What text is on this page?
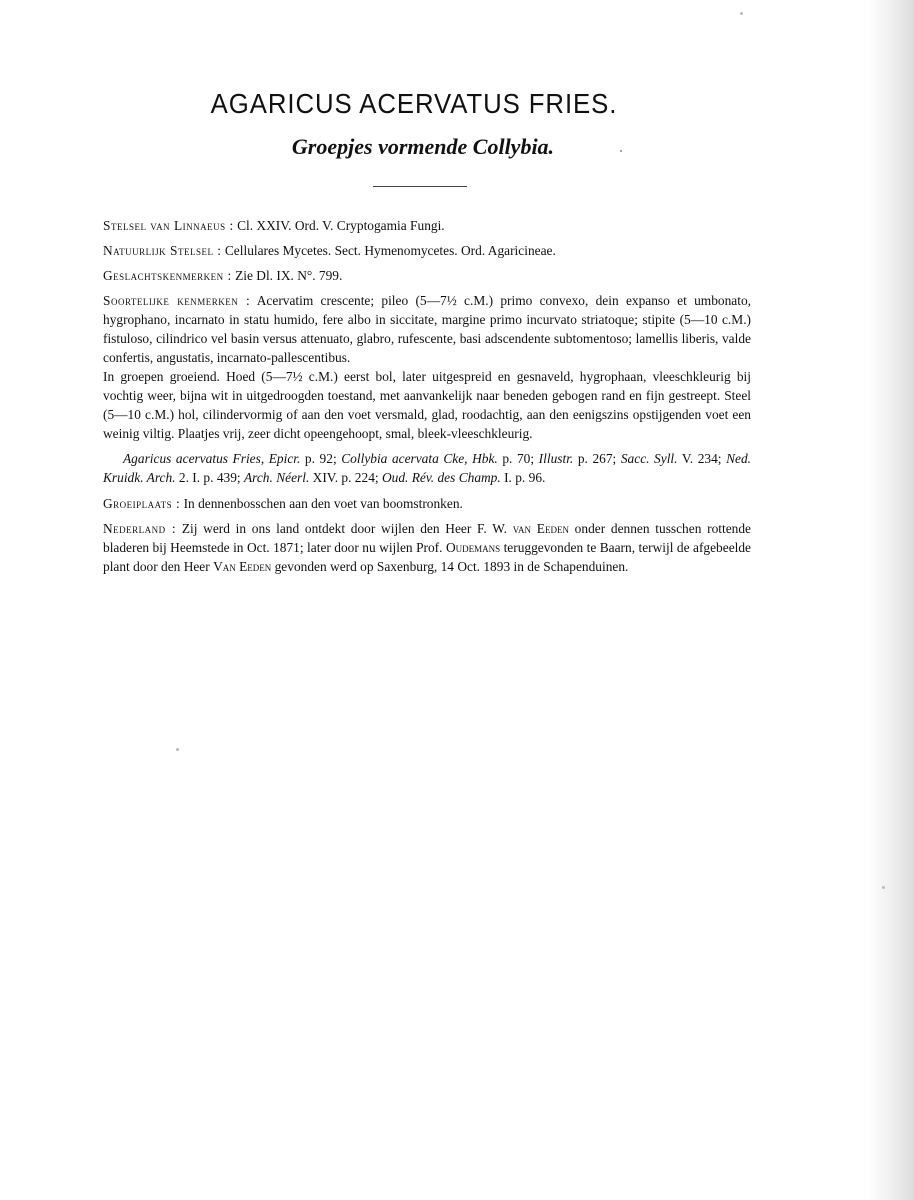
AGARICUS ACERVATUS FRIES.
Groepjes vormende Collybia.

Stelsel van Linnaeus : Cl. XXIV. Ord. V. Cryptogamia Fungi.

Natuurlijk Stelsel : Cellulares Mycetes. Sect. Hymenomycetes. Ord. Agaricineae.

Geslachtskenmerken : Zie Dl. IX. N°. 799.

Soortelijke kenmerken : Acervatim crescente; pileo (5—7½ c.M.) primo convexo, dein expanso et umbonato, hygrophano, incarnato in statu humido, fere albo in siccitate, margine primo incurvato striatoque; stipite (5—10 c.M.) fistuloso, cilindrico vel basin versus attenuato, glabro, rufescente, basi adscendente subtomentoso; lamellis liberis, valde confertis, angustatis, incarnato-pallescentibus.

In groepen groeiend. Hoed (5—7½ c.M.) eerst bol, later uitgespreid en gesnaveld, hygrophaan, vleeschkleurig bij vochtig weer, bijna wit in uitgedroogden toestand, met aanvankelijk naar beneden gebogen rand en fijn gestreept. Steel (5—10 c.M.) hol, cilindervormig of aan den voet versmald, glad, roodachtig, aan den eenigszins opstijgenden voet een weinig viltig. Plaatjes vrij, zeer dicht opeengehoopt, smal, bleek-vleeschkleurig.

Agaricus acervatus Fries, Epicr. p. 92; Collybia acervata Cke, Hbk. p. 70; Illustr. p. 267; Sacc. Syll. V. 234; Ned. Kruidk. Arch. 2. I. p. 439; Arch. Néerl. XIV. p. 224; Oud. Rév. des Champ. I. p. 96.

Groeiplaats : In dennenbosschen aan den voet van boomstronken.

Nederland : Zij werd in ons land ontdekt door wijlen den Heer F. W. van Eeden onder dennen tusschen rottende bladeren bij Heemstede in Oct. 1871; later door nu wijlen Prof. Oudemans teruggevonden te Baarn, terwijl de afgebeelde plant door den Heer Van Eeden gevonden werd op Saxenburg, 14 Oct. 1893 in de Schapenduinen.
